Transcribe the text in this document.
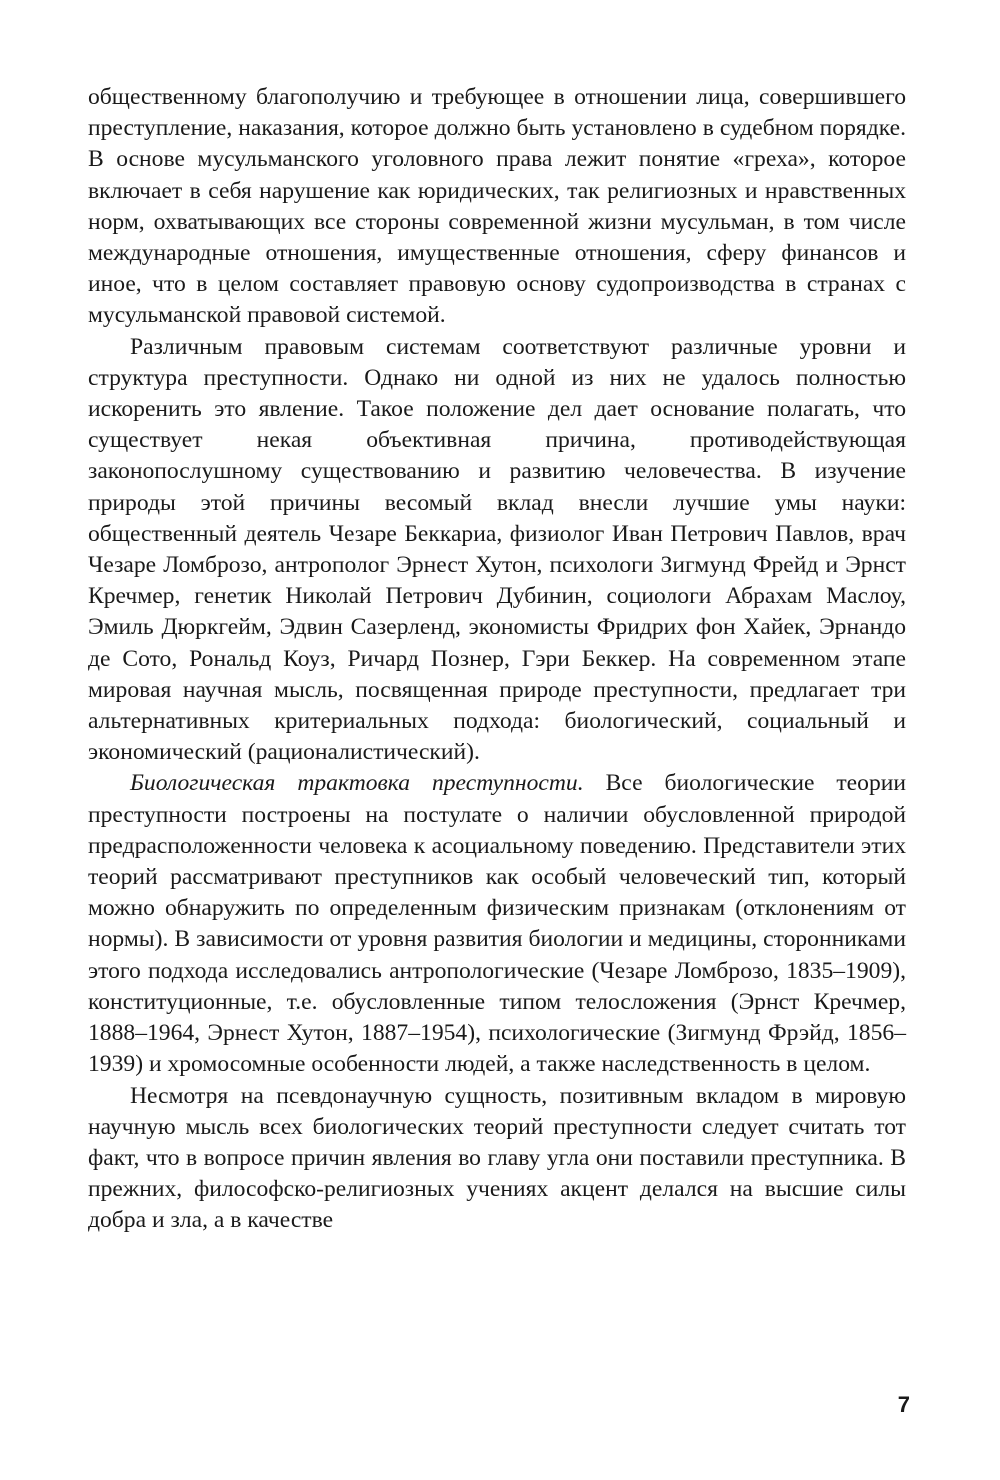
общественному благополучию и требующее в отношении лица, совершившего преступление, наказания, которое должно быть установлено в судебном порядке. В основе мусульманского уголовного права лежит понятие «греха», которое включает в себя нарушение как юридических, так религиозных и нравственных норм, охватывающих все стороны современной жизни мусульман, в том числе международные отношения, имущественные отношения, сферу финансов и иное, что в целом составляет правовую основу судопроизводства в странах с мусульманской правовой системой.

Различным правовым системам соответствуют различные уровни и структура преступности. Однако ни одной из них не удалось полностью искоренить это явление. Такое положение дел дает основание полагать, что существует некая объективная причина, противодействующая законопослушному существованию и развитию человечества. В изучение природы этой причины весомый вклад внесли лучшие умы науки: общественный деятель Чезаре Беккариа, физиолог Иван Петрович Павлов, врач Чезаре Ломброзо, антрополог Эрнест Хутон, психологи Зигмунд Фрейд и Эрнст Кречмер, генетик Николай Петрович Дубинин, социологи Абрахам Маслоу, Эмиль Дюркгейм, Эдвин Сазерленд, экономисты Фридрих фон Хайек, Эрнандо де Сото, Рональд Коуз, Ричард Познер, Гэри Беккер. На современном этапе мировая научная мысль, посвященная природе преступности, предлагает три альтернативных критериальных подхода: биологический, социальный и экономический (рационалистический).

Биологическая трактовка преступности. Все биологические теории преступности построены на постулате о наличии обусловленной природой предрасположенности человека к асоциальному поведению. Представители этих теорий рассматривают преступников как особый человеческий тип, который можно обнаружить по определенным физическим признакам (отклонениям от нормы). В зависимости от уровня развития биологии и медицины, сторонниками этого подхода исследовались антропологические (Чезаре Ломброзо, 1835–1909), конституционные, т.е. обусловленные типом телосложения (Эрнст Кречмер, 1888–1964, Эрнест Хутон, 1887–1954), психологические (Зигмунд Фрэйд, 1856–1939) и хромосомные особенности людей, а также наследственность в целом.

Несмотря на псевдонаучную сущность, позитивным вкладом в мировую научную мысль всех биологических теорий преступности следует считать тот факт, что в вопросе причин явления во главу угла они поставили преступника. В прежних, философско-религиозных учениях акцент делался на высшие силы добра и зла, а в качестве

7
